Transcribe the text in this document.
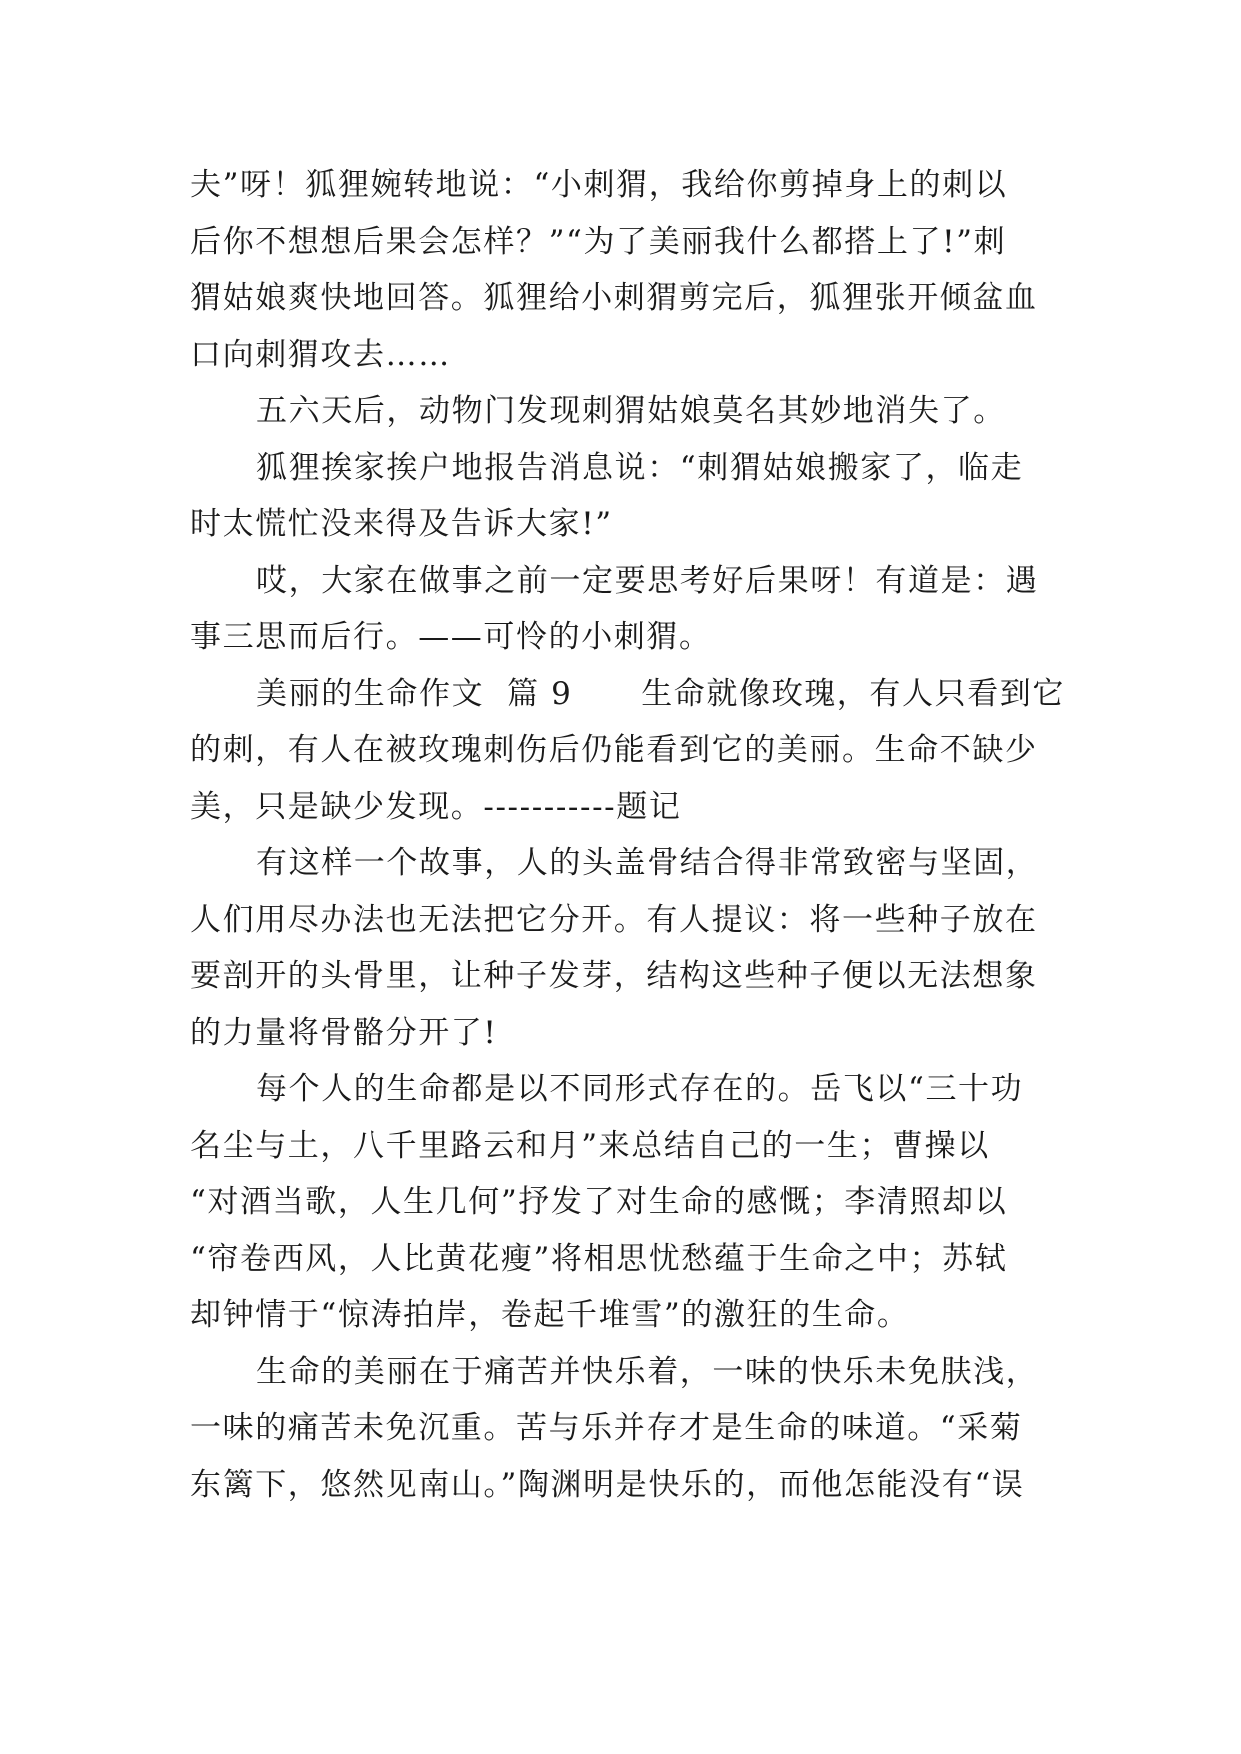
夫”呀！狐狸婉转地说：“小刺猬，我给你剪掉身上的刺以
后你不想想后果会怎样？”“为了美丽我什么都搭上了!”刺
猬姑娘爽快地回答。狐狸给小刺猬剪完后，狐狸张开倾盆血
口向刺猬攻去……
五六天后，动物门发现刺猬姑娘莫名其妙地消失了。
狐狸挨家挨户地报告消息说：“刺猬姑娘搬家了，临走
时太慌忙没来得及告诉大家!”
哎，大家在做事之前一定要思考好后果呀！有道是：遇
事三思而后行。——可怜的小刺猬。
美丽的生命作文  篇 9      生命就像玫瑰，有人只看到它
的刺，有人在被玫瑰刺伤后仍能看到它的美丽。生命不缺少
美，只是缺少发现。-----------题记
有这样一个故事，人的头盖骨结合得非常致密与坚固，
人们用尽办法也无法把它分开。有人提议：将一些种子放在
要剖开的头骨里，让种子发芽，结构这些种子便以无法想象
的力量将骨骼分开了!
每个人的生命都是以不同形式存在的。岳飞以“三十功
名尘与土，八千里路云和月”来总结自己的一生；曹操以
“对酒当歌，人生几何”抒发了对生命的感慨；李清照却以
“帘卷西风，人比黄花瘦”将相思忧愁蕴于生命之中；苏轼
却钟情于“惊涛拍岸，卷起千堆雪”的激狂的生命。
生命的美丽在于痛苦并快乐着，一味的快乐未免肤浅，
一味的痛苦未免沉重。苦与乐并存才是生命的味道。“采菊
东篱下，悠然见南山。”陶渊明是快乐的，而他怎能没有“误
